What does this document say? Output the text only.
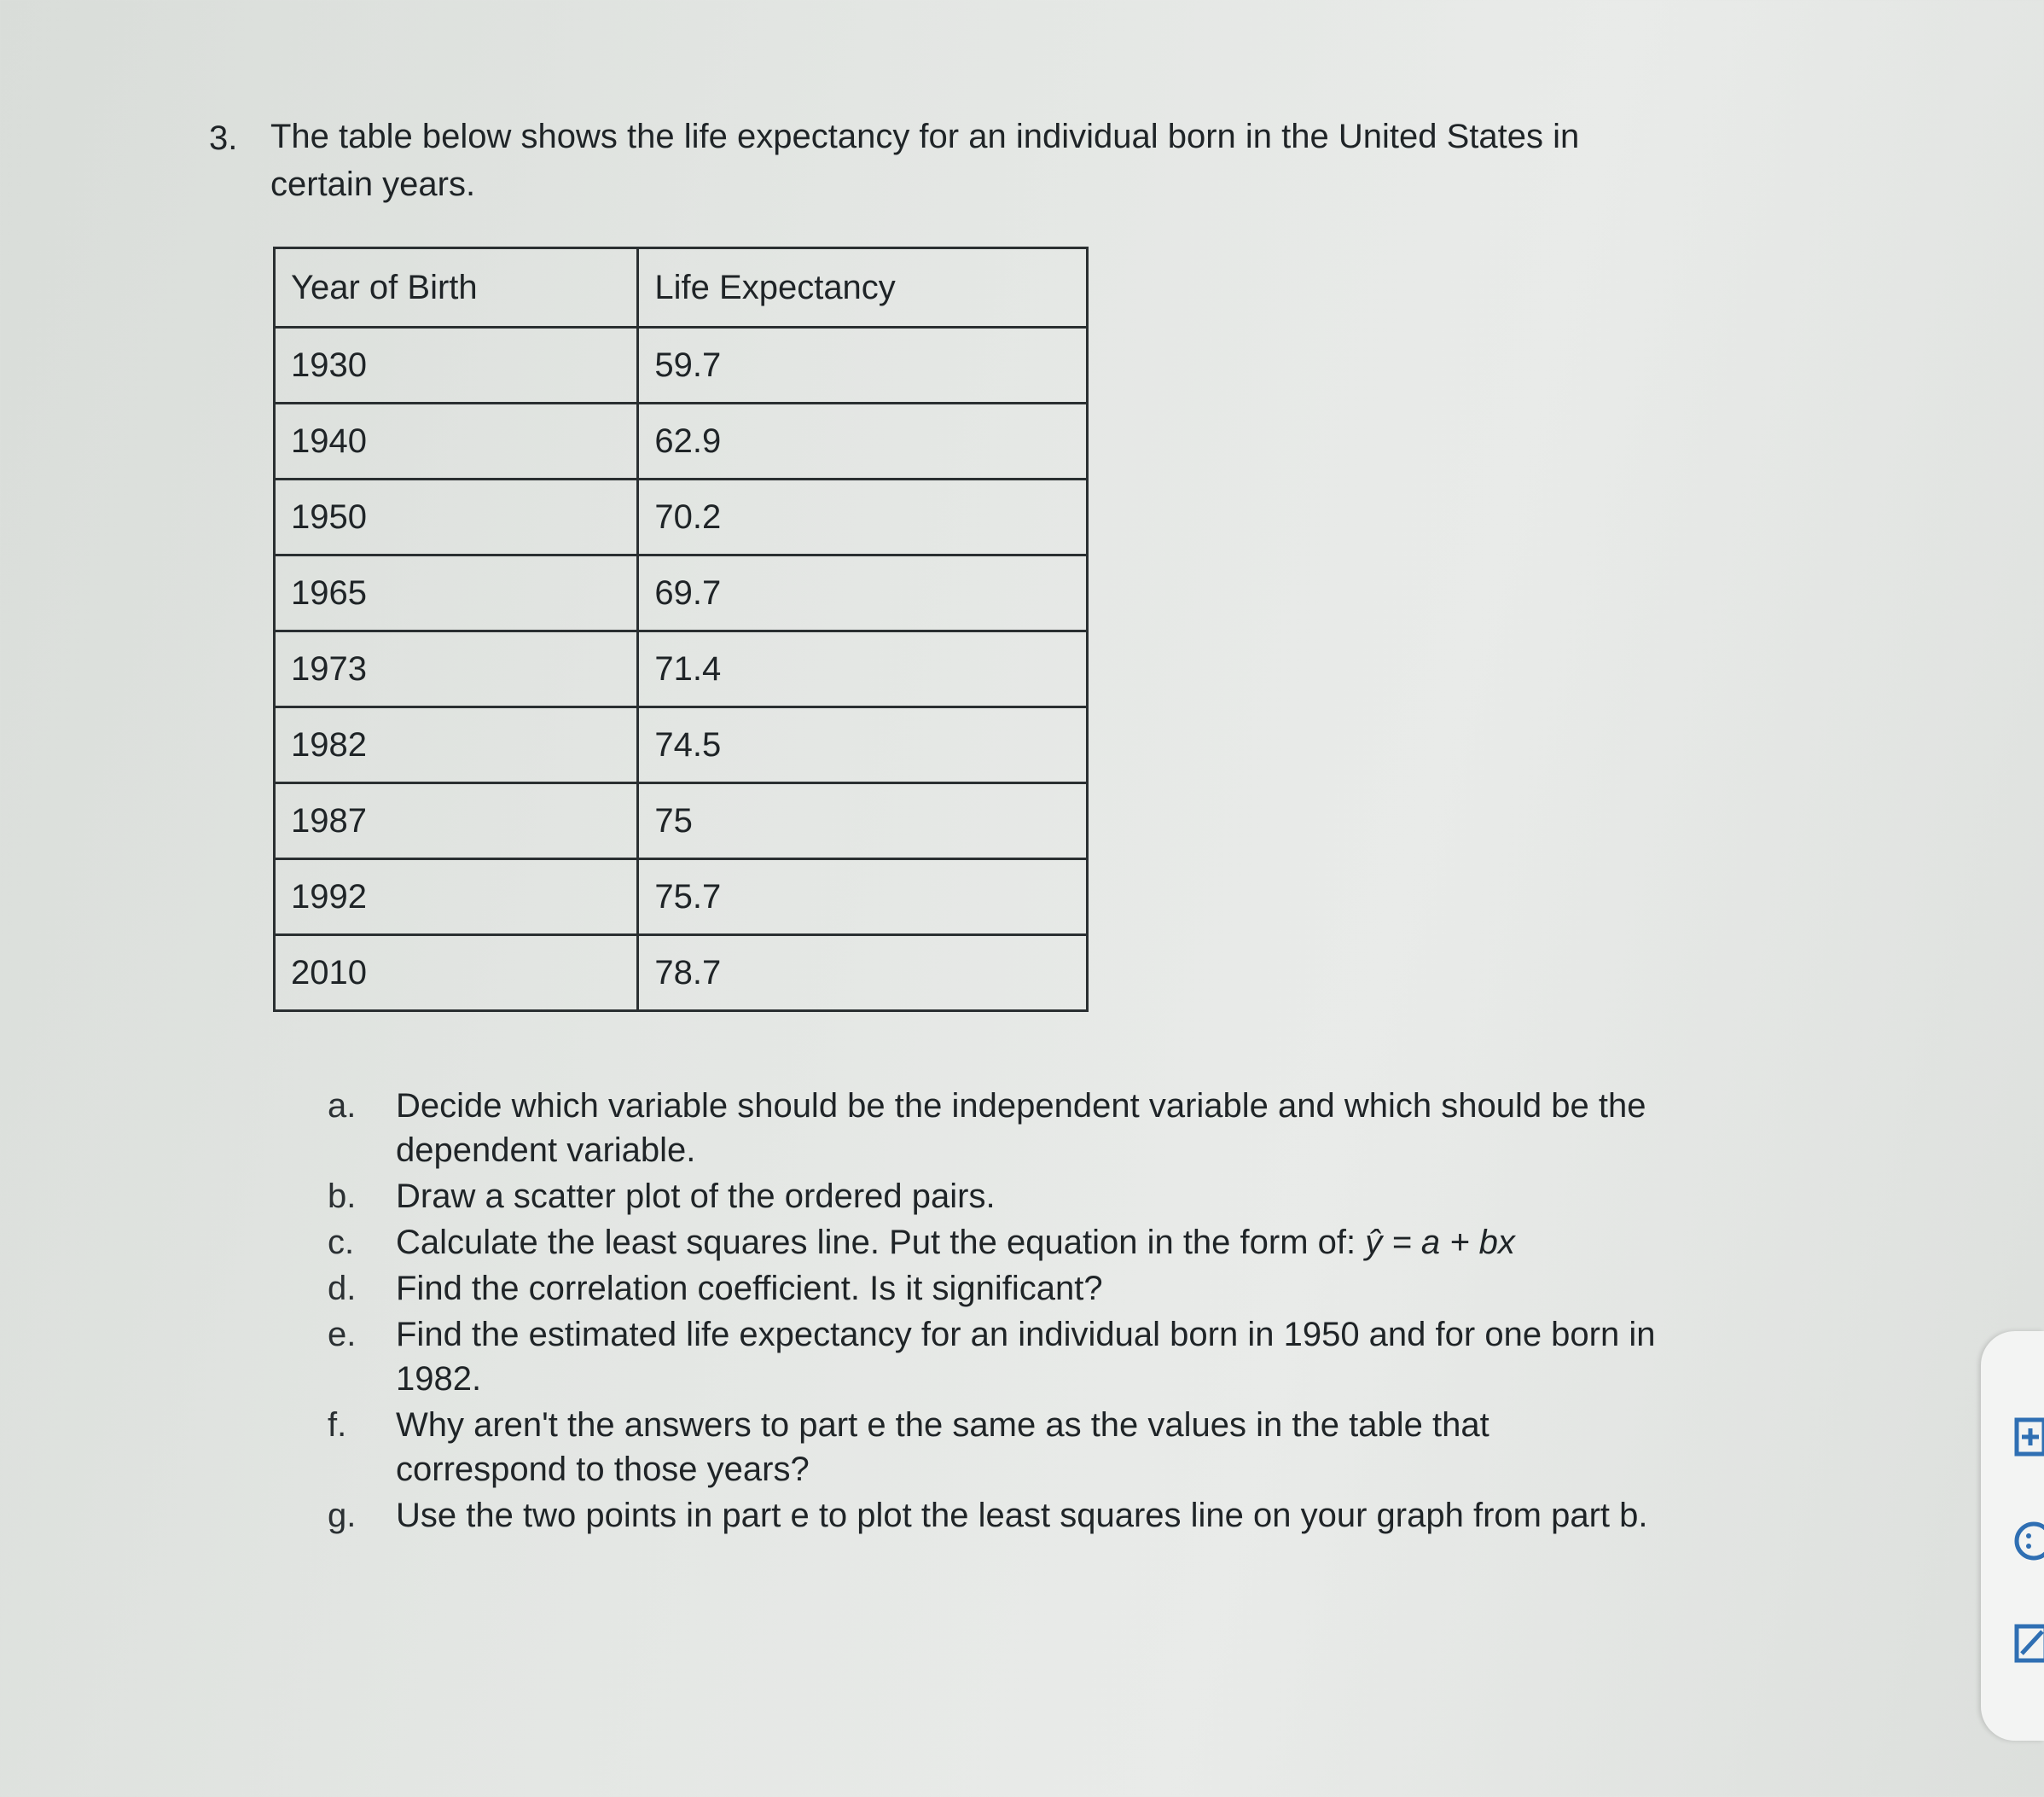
3. The table below shows the life expectancy for an individual born in the United States in certain years.
Year of Birth	Life Expectancy
1930	59.7
1940	62.9
1950	70.2
1965	69.7
1973	71.4
1982	74.5
1987	75
1992	75.7
2010	78.7
a.	Decide which variable should be the independent variable and which should be the dependent variable.
b.	Draw a scatter plot of the ordered pairs.
c.	Calculate the least squares line. Put the equation in the form of: ŷ = a + bx
d.	Find the correlation coefficient. Is it significant?
e.	Find the estimated life expectancy for an individual born in 1950 and for one born in 1982.
f.	Why aren't the answers to part e the same as the values in the table that correspond to those years?
g.	Use the two points in part e to plot the least squares line on your graph from part b.
